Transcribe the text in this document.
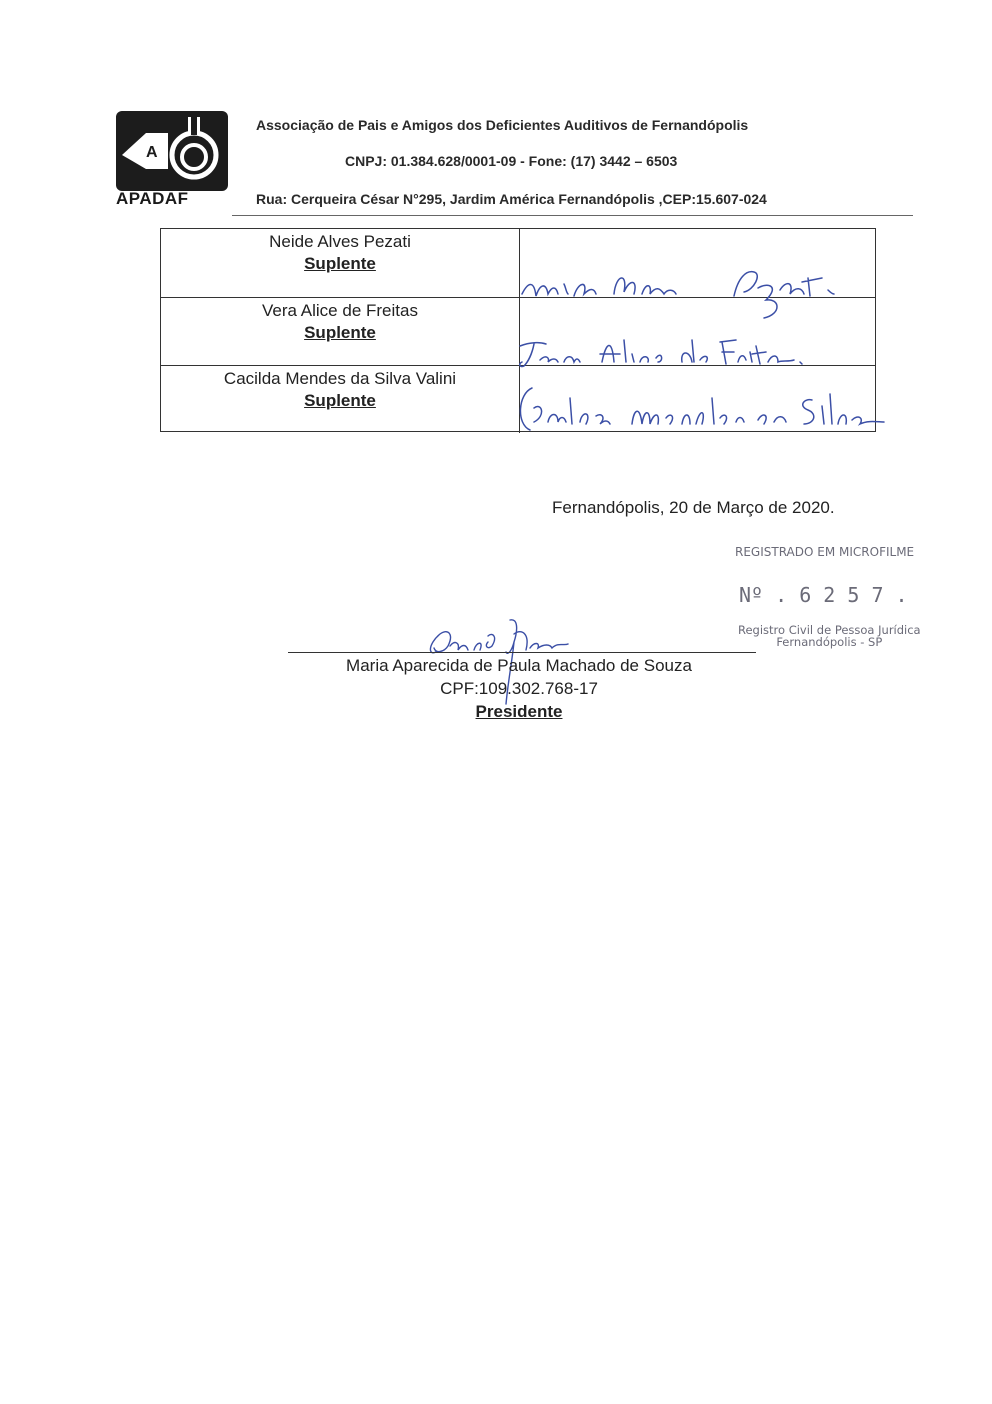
A
APADAF
Associação de Pais e Amigos dos Deficientes Auditivos de Fernandópolis
CNPJ: 01.384.628/0001-09 - Fone: (17) 3442 – 6503
Rua: Cerqueira César N°295, Jardim América Fernandópolis ,CEP:15.607-024
Neide Alves Pezati
Suplente
Vera Alice de Freitas
Suplente
Cacilda Mendes da Silva Valini
Suplente
Fernandópolis, 20 de Março de 2020.
REGISTRADO EM MICROFILME
Nº . 6 2 5 7 .
Registro Civil de Pessoa Jurídica
Fernandópolis - SP
Maria Aparecida de Paula Machado de Souza
CPF:109.302.768-17
Presidente
